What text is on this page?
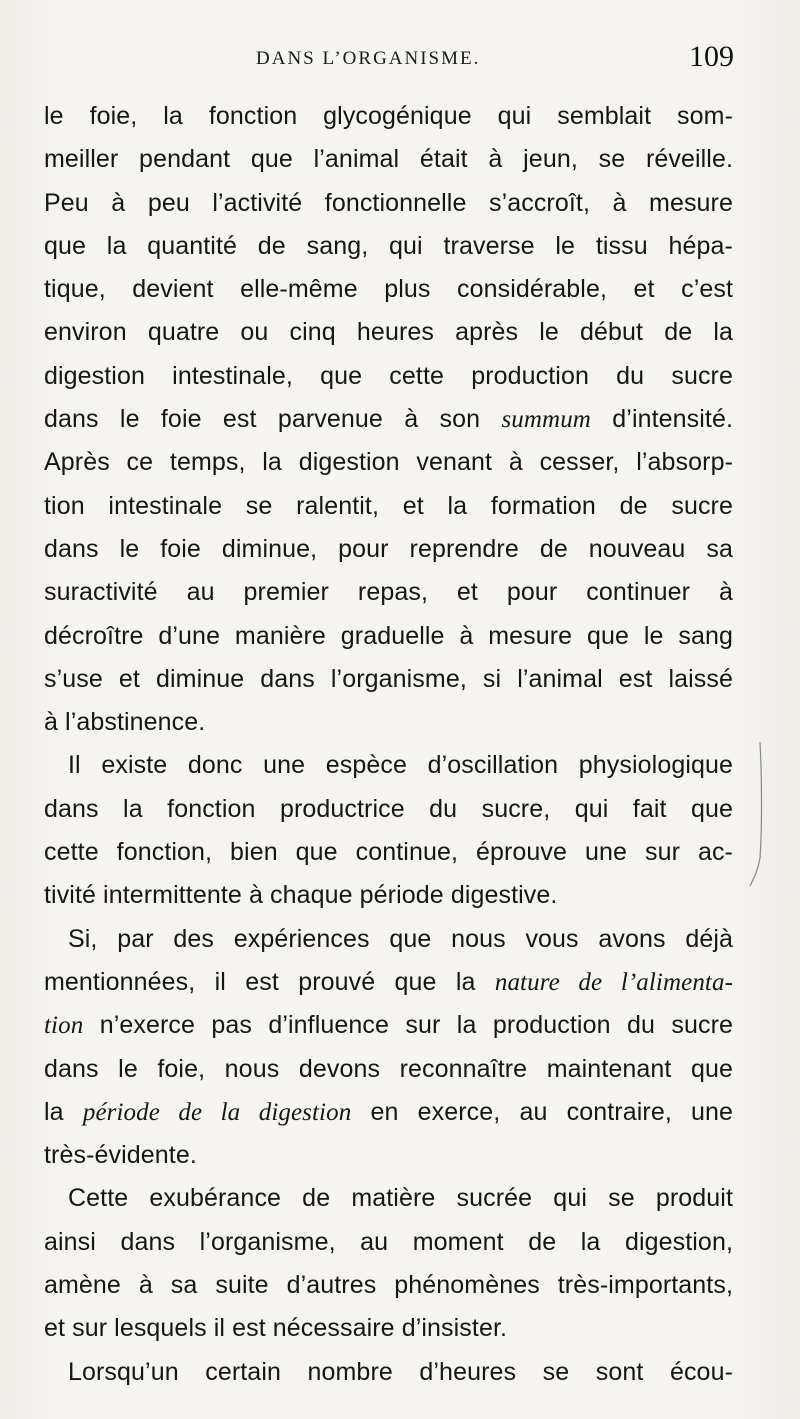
DANS L’ORGANISME.	109
le foie, la fonction glycogénique qui semblait som-
meiller pendant que l’animal était à jeun, se réveille.
Peu à peu l’activité fonctionnelle s’accroît, à mesure
que la quantité de sang, qui traverse le tissu hépa-
tique, devient elle-même plus considérable, et c’est
environ quatre ou cinq heures après le début de la
digestion intestinale, que cette production du sucre
dans le foie est parvenue à son summum d’intensité.
Après ce temps, la digestion venant à cesser, l’absorp-
tion intestinale se ralentit, et la formation de sucre
dans le foie diminue, pour reprendre de nouveau sa
suractivité au premier repas, et pour continuer à
décroître d’une manière graduelle à mesure que le sang
s’use et diminue dans l’organisme, si l’animal est laissé
à l’abstinence.
Il existe donc une espèce d’oscillation physiologique
dans la fonction productrice du sucre, qui fait que
cette fonction, bien que continue, éprouve une sur ac-
tivité intermittente à chaque période digestive.
Si, par des expériences que nous vous avons déjà
mentionnées, il est prouvé que la nature de l’alimenta-
tion n’exerce pas d’influence sur la production du sucre
dans le foie, nous devons reconnaître maintenant que
la période de la digestion en exerce, au contraire, une
très-évidente.
Cette exubérance de matière sucrée qui se produit
ainsi dans l’organisme, au moment de la digestion,
amène à sa suite d’autres phénomènes très-importants,
et sur lesquels il est nécessaire d’insister.
Lorsqu’un certain nombre d’heures se sont écou-
